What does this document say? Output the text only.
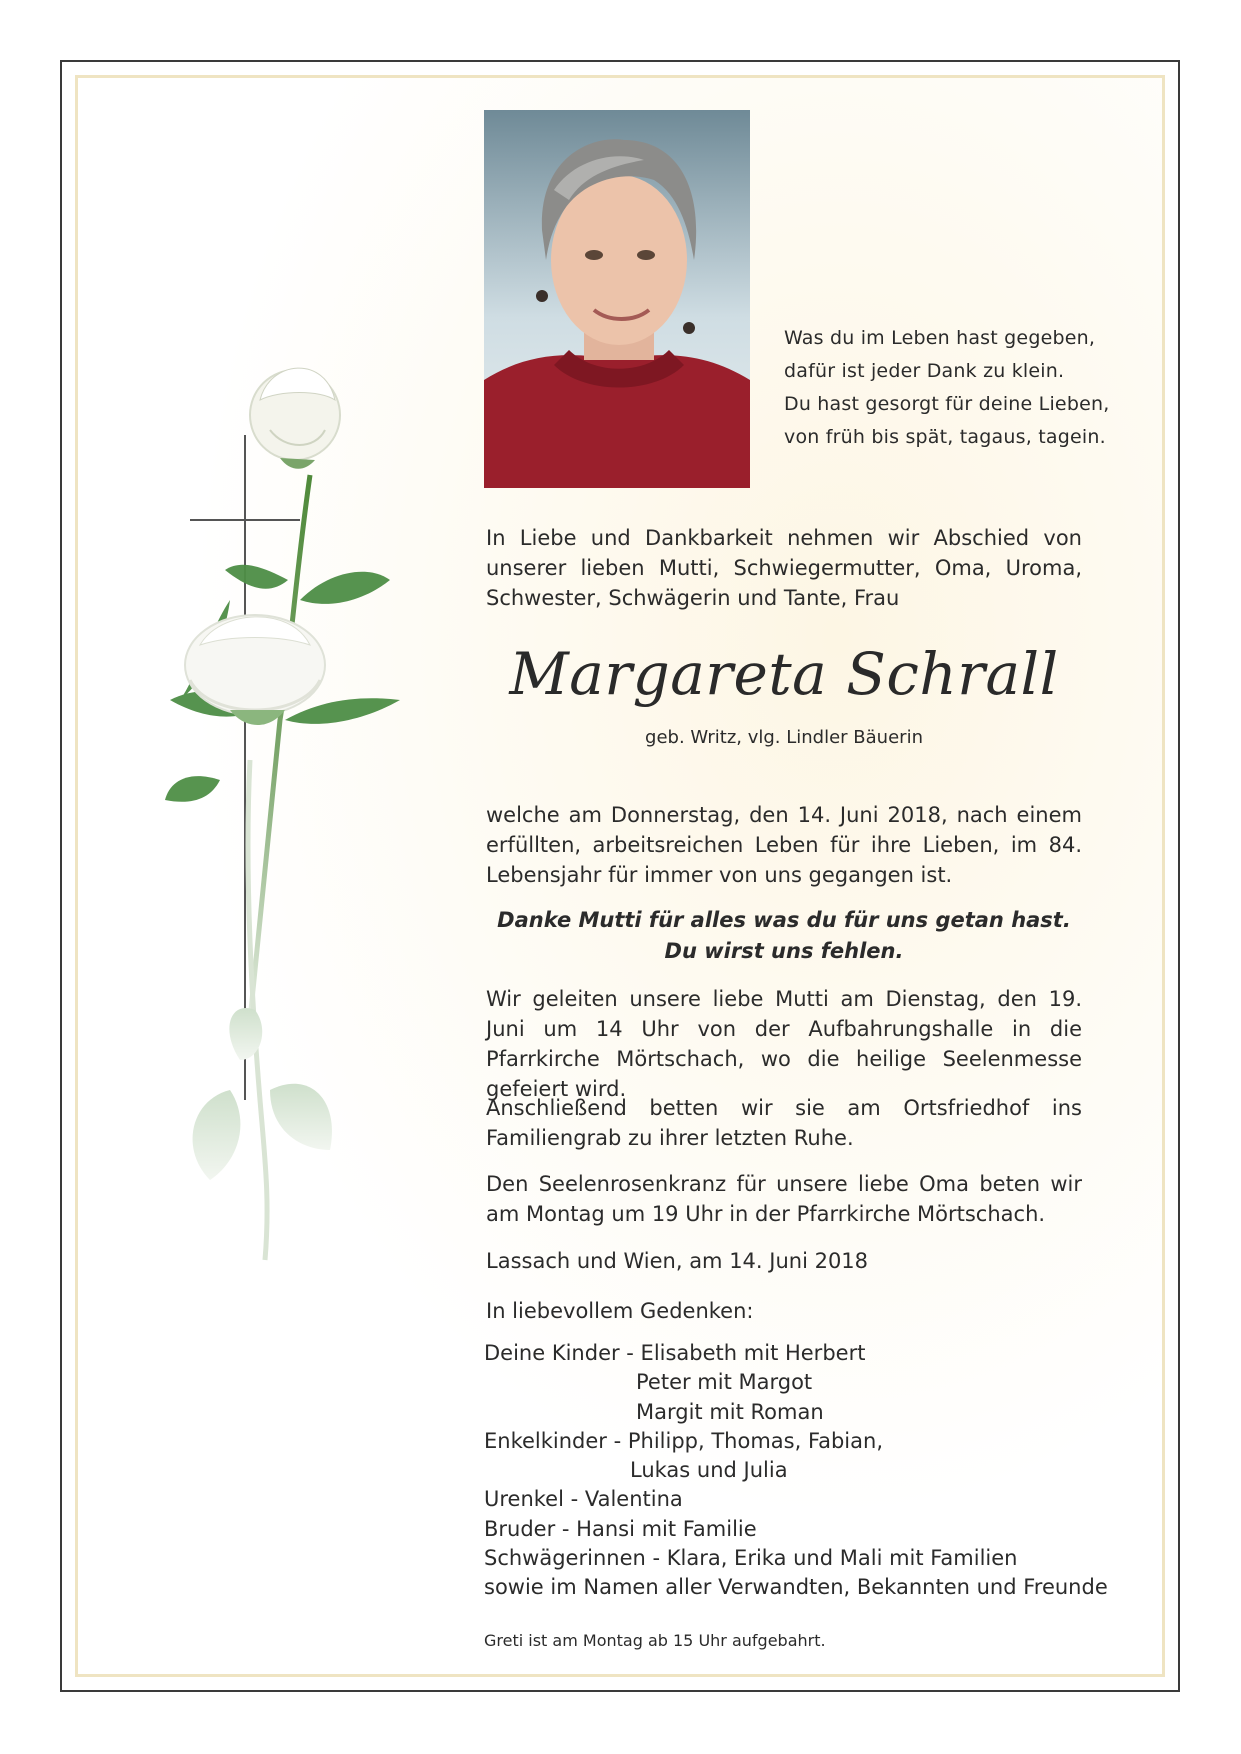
Was du im Leben hast gegeben,
dafür ist jeder Dank zu klein.
Du hast gesorgt für deine Lieben,
von früh bis spät, tagaus, tagein.
In Liebe und Dankbarkeit nehmen wir Abschied von unserer lieben Mutti, Schwiegermutter, Oma, Uroma, Schwester, Schwägerin und Tante, Frau
Margareta Schrall
geb. Writz, vlg. Lindler Bäuerin
welche am Donnerstag, den 14. Juni 2018, nach einem erfüllten, arbeitsreichen Leben für ihre Lieben, im 84. Lebensjahr für immer von uns gegangen ist.
Danke Mutti für alles was du für uns getan hast.
Du wirst uns fehlen.
Wir geleiten unsere liebe Mutti am Dienstag, den 19. Juni um 14 Uhr von der Aufbahrungshalle in die Pfarrkirche Mörtschach, wo die heilige Seelenmesse gefeiert wird.
Anschließend betten wir sie am Ortsfriedhof ins Familiengrab zu ihrer letzten Ruhe.
Den Seelenrosenkranz für unsere liebe Oma beten wir am Montag um 19 Uhr in der Pfarrkirche Mörtschach.
Lassach und Wien, am 14. Juni 2018
In liebevollem Gedenken:
Deine Kinder - Elisabeth mit Herbert
Peter mit Margot
Margit mit Roman
Enkelkinder - Philipp, Thomas, Fabian,
Lukas und Julia
Urenkel - Valentina
Bruder - Hansi mit Familie
Schwägerinnen - Klara, Erika und Mali mit Familien
sowie im Namen aller Verwandten, Bekannten und Freunde
Greti ist am Montag ab 15 Uhr aufgebahrt.
